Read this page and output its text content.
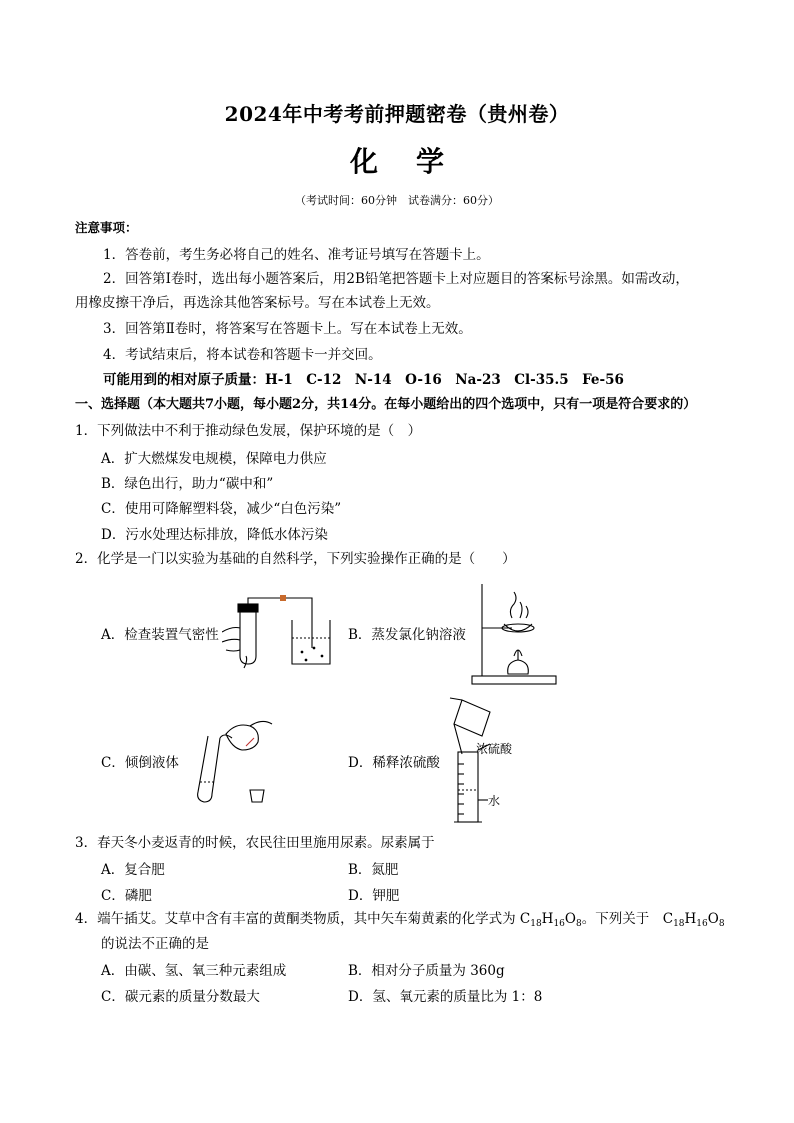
2024年中考考前押题密卷（贵州卷）
化学
（考试时间：60分钟　试卷满分：60分）
注意事项：
1．答卷前，考生务必将自己的姓名、准考证号填写在答题卡上。
2．回答第Ⅰ卷时，选出每小题答案后，用2B铅笔把答题卡上对应题目的答案标号涂黑。如需改动，
用橡皮擦干净后，再选涂其他答案标号。写在本试卷上无效。
3．回答第Ⅱ卷时，将答案写在答题卡上。写在本试卷上无效。
4．考试结束后，将本试卷和答题卡一并交回。
可能用到的相对原子质量：H-1　C-12　N-14　O-16　Na-23　Cl-35.5　Fe-56
一、选择题（本大题共7小题，每小题2分，共14分。在每小题给出的四个选项中，只有一项是符合要求的）
1．下列做法中不利于推动绿色发展，保护环境的是（　）
A．扩大燃煤发电规模，保障电力供应
B．绿色出行，助力“碳中和”
C．使用可降解塑料袋，减少“白色污染”
D．污水处理达标排放，降低水体污染
2．化学是一门以实验为基础的自然科学，下列实验操作正确的是（　　）
A．检查装置气密性	B．蒸发氯化钠溶液
C．倾倒液体	D．稀释浓硫酸
浓硫酸
水
3．春天冬小麦返青的时候，农民往田里施用尿素。尿素属于
A．复合肥	B．氮肥
C．磷肥	D．钾肥
4．端午插艾。艾草中含有丰富的黄酮类物质，其中矢车菊黄素的化学式为 $C_{18}H_{16}O_8$。下列关于　$C_{18}H_{16}O_8$
的说法不正确的是
A．由碳、氢、氧三种元素组成	B．相对分子质量为 360g
C．碳元素的质量分数最大	D．氢、氧元素的质量比为 1：8
